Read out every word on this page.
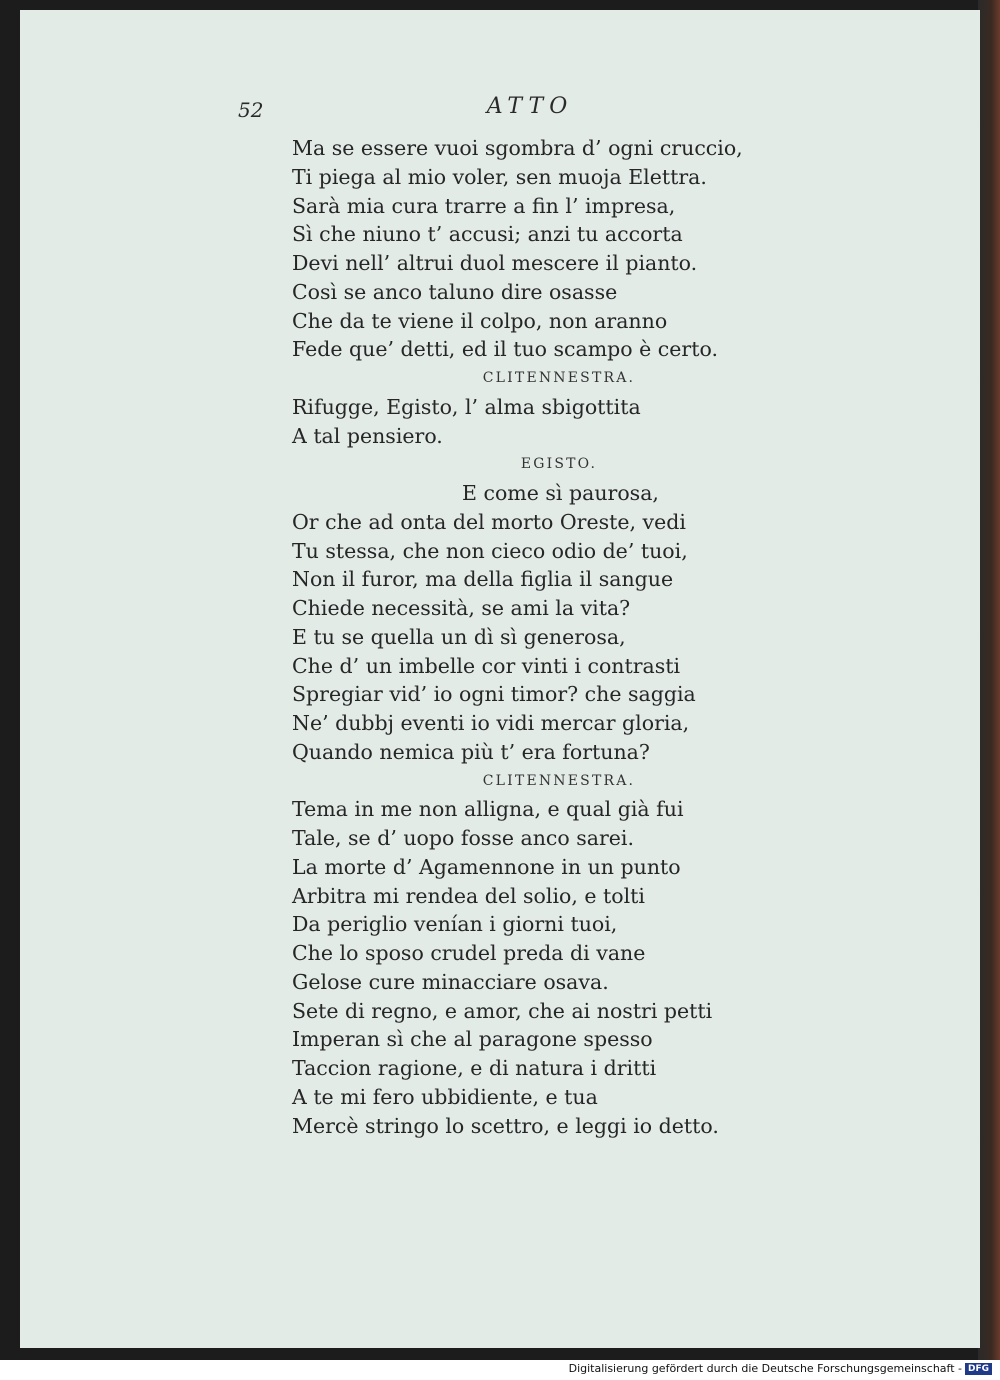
52	ATTO
Ma se essere vuoi sgombra d’ ogni cruccio,
Ti piega al mio voler, sen muoja Elettra.
Sarà mia cura trarre a fin l’ impresa,
Sì che niuno t’ accusi; anzi tu accorta
Devi nell’ altrui duol mescere il pianto.
Così se anco taluno dire osasse
Che da te viene il colpo, non aranno
Fede que’ detti, ed il tuo scampo è certo.
CLITENNESTRA.
Rifugge, Egisto, l’ alma sbigottita
A tal pensiero.
EGISTO.
E come sì paurosa,
Or che ad onta del morto Oreste, vedi
Tu stessa, che non cieco odio de’ tuoi,
Non il furor, ma della figlia il sangue
Chiede necessità, se ami la vita?
E tu se quella un dì sì generosa,
Che d’ un imbelle cor vinti i contrasti
Spregiar vid’ io ogni timor? che saggia
Ne’ dubbj eventi io vidi mercar gloria,
Quando nemica più t’ era fortuna?
CLITENNESTRA.
Tema in me non alligna, e qual già fui
Tale, se d’ uopo fosse anco sarei.
La morte d’ Agamennone in un punto
Arbitra mi rendea del solio, e tolti
Da periglio venían i giorni tuoi,
Che lo sposo crudel preda di vane
Gelose cure minacciare osava.
Sete di regno, e amor, che ai nostri petti
Imperan sì che al paragone spesso
Taccion ragione, e di natura i dritti
A te mi fero ubbidiente, e tua
Mercè stringo lo scettro, e leggi io detto.
Digitalisierung gefördert durch die Deutsche Forschungsgemeinschaft - DFG
